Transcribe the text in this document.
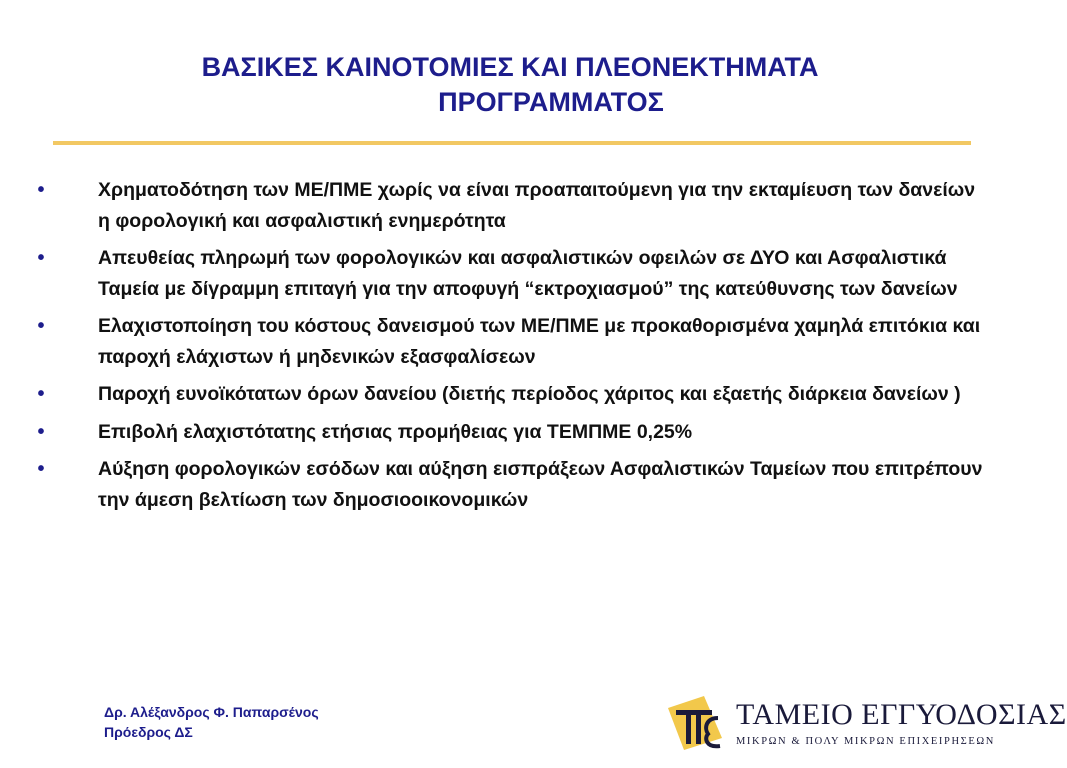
ΒΑΣΙΚΕΣ ΚΑΙΝΟΤΟΜΙΕΣ ΚΑΙ ΠΛΕΟΝΕΚΤΗΜΑΤΑ
ΠΡΟΓΡΑΜΜΑΤΟΣ
•	Χρηματοδότηση των ΜΕ/ΠΜΕ χωρίς να είναι προαπαιτούμενη για την εκταμίευση των δανείων η φορολογική και ασφαλιστική ενημερότητα
•	Απευθείας πληρωμή των φορολογικών και ασφαλιστικών οφειλών σε ΔΥΟ και Ασφαλιστικά Ταμεία με δίγραμμη επιταγή για την αποφυγή “εκτροχιασμού” της κατεύθυνσης των δανείων
•	Ελαχιστοποίηση του κόστους δανεισμού των ΜΕ/ΠΜΕ με προκαθορισμένα χαμηλά επιτόκια και παροχή ελάχιστων ή μηδενικών εξασφαλίσεων
•	Παροχή ευνοϊκότατων όρων δανείου (διετής περίοδος χάριτος και εξαετής διάρκεια δανείων )
•	Επιβολή ελαχιστότατης ετήσιας προμήθειας για ΤΕΜΠΜΕ 0,25%
•	Αύξηση φορολογικών εσόδων και αύξηση εισπράξεων Ασφαλιστικών Ταμείων που επιτρέπουν την άμεση βελτίωση των δημοσιοοικονομικών
Δρ. Αλέξανδρος Φ. Παπαρσένος
Πρόεδρος ΔΣ
ΤΑΜΕΙΟ ΕΓΓΥΟΔΟΣΙΑΣ
ΜΙΚΡΩΝ & ΠΟΛΥ ΜΙΚΡΩΝ ΕΠΙΧΕΙΡΗΣΕΩΝ
